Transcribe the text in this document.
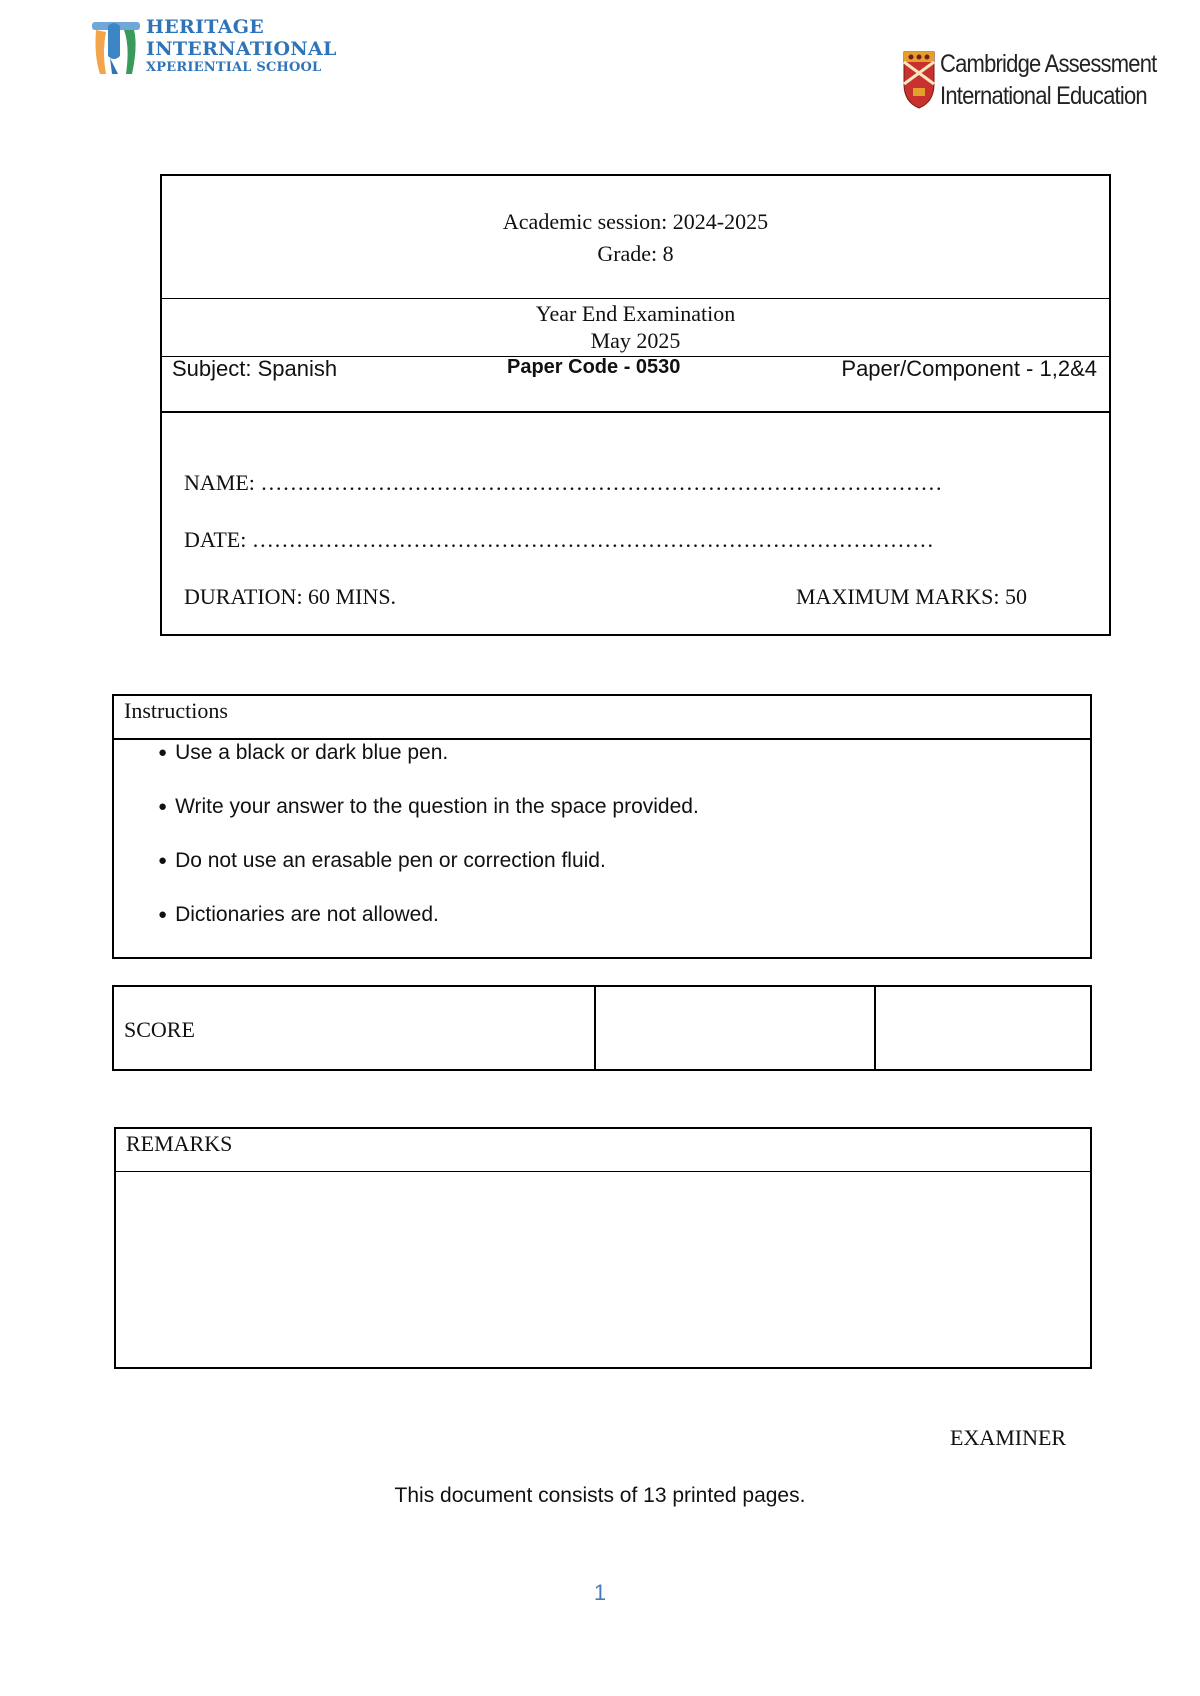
HERITAGE
INTERNATIONAL
XPERIENTIAL SCHOOL	Cambridge Assessment
International Education
Academic session: 2024-2025
Grade: 8
Year End Examination
May 2025
Subject: Spanish	Paper Code - 0530	Paper/Component - 1,2&4
NAME: …………………………………………………………………………………
DATE: …………………………………………………………………………………
DURATION: 60 MINS.	MAXIMUM MARKS: 50
Instructions
● Use a black or dark blue pen.
● Write your answer to the question in the space provided.
● Do not use an erasable pen or correction fluid.
● Dictionaries are not allowed.
SCORE
REMARKS
EXAMINER
This document consists of 13 printed pages.
1
